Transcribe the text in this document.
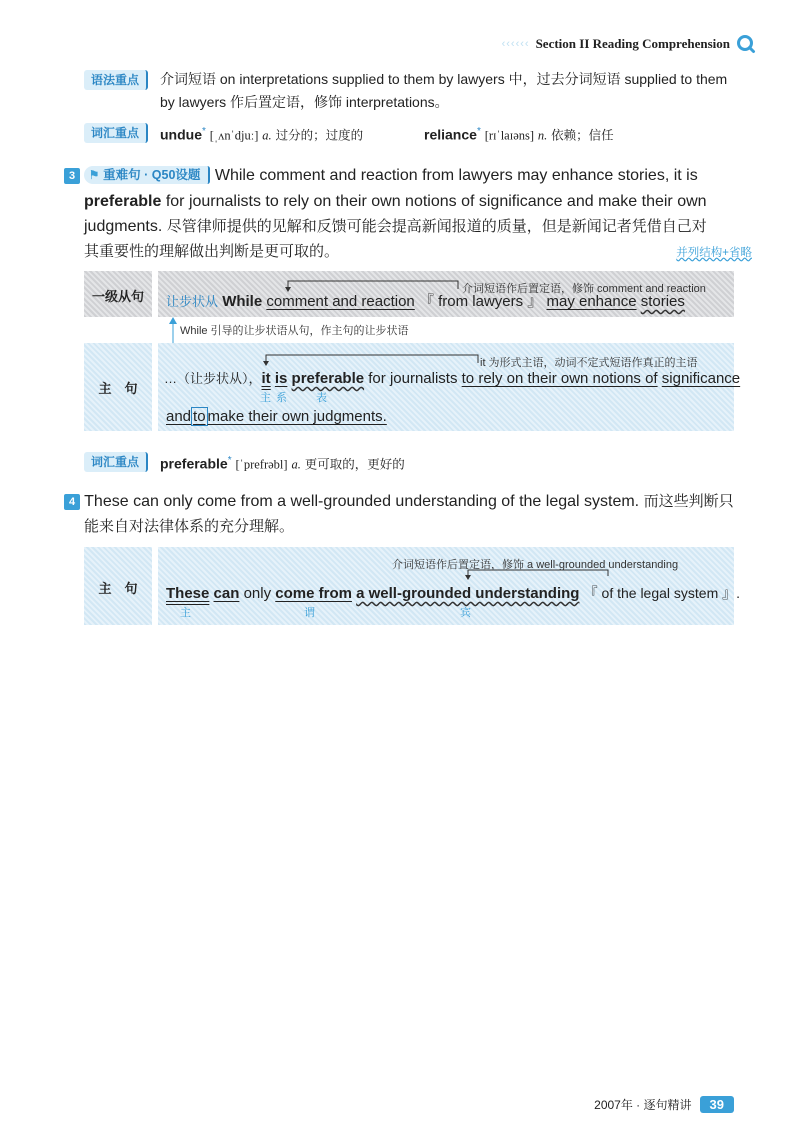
‹‹‹‹‹‹ Section II Reading Comprehension
语法重点	介词短语 on interpretations supplied to them by lawyers 中，过去分词短语 supplied to them
by lawyers 作后置定语，修饰 interpretations。
词汇重点	undue* [ˌʌnˈdjuː] a. 过分的；过度的	reliance* [rɪˈlaɪəns] n. 依赖；信任
3 ⚑ 重难句 · Q50设题 While comment and reaction from lawyers may enhance stories, it is
preferable for journalists to rely on their own notions of significance and make their own
judgments. 尽管律师提供的见解和反馈可能会提高新闻报道的质量，但是新闻记者凭借自己对
其重要性的理解做出判断是更可取的。	并列结构+省略
一级从句	介词短语作后置定语，修饰 comment and reaction
让步状从 While comment and reaction 『 from lawyers 』 may enhance stories
While 引导的让步状语从句，作主句的让步状语
主　句
it 为形式主语，动词不定式短语作真正的主语
…（让步状从），it is preferable for journalists to rely on their own notions of significance
主 系	表
and to make their own judgments.
词汇重点	preferable* [ˈprefrəbl] a. 更可取的，更好的
4 These can only come from a well-grounded understanding of the legal system. 而这些判断只
能来自对法律体系的充分理解。
主　句
介词短语作后置定语，修饰 a well-grounded understanding
These can only come from a well-grounded understanding 『 of the legal system 』.
主	谓	宾
2007年 · 逐句精讲	39
